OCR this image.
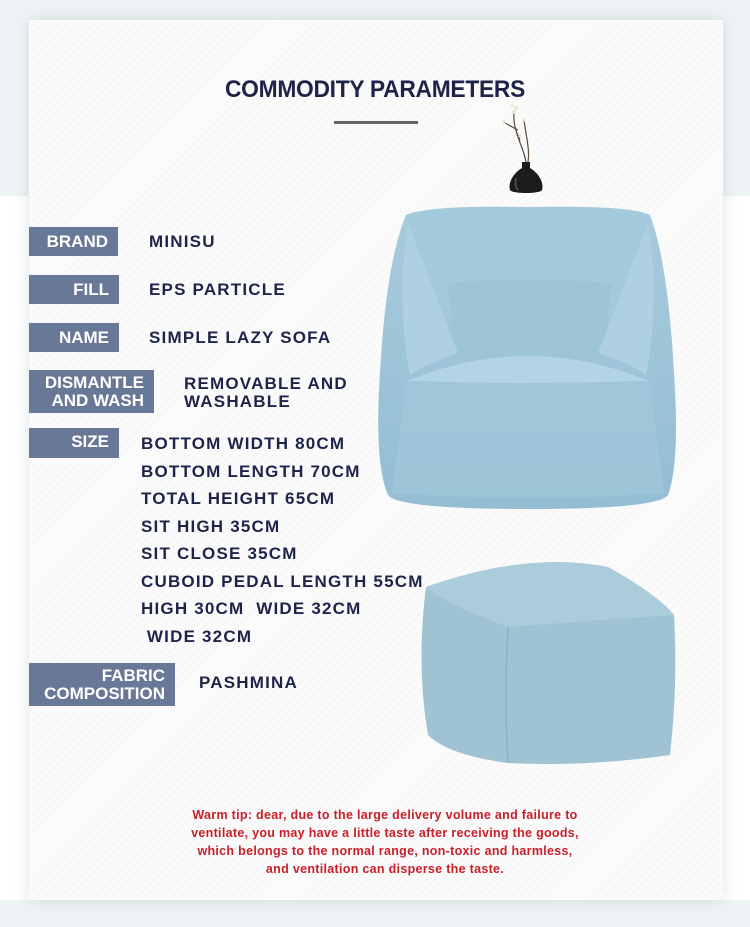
COMMODITY PARAMETERS
BRAND MINISU
FILL EPS PARTICLE
NAME SIMPLE LAZY SOFA
DISMANTLE
AND WASH
REMOVABLE AND
WASHABLE
SIZE BOTTOM WIDTH 80CM
BOTTOM LENGTH 70CM
TOTAL HEIGHT 65CM
SIT HIGH 35CM
SIT CLOSE 35CM
CUBOID PEDAL LENGTH 55CM
HIGH 30CM  WIDE 32CM
WIDE 32CM
FABRIC
COMPOSITION
PASHMINA
Warm tip: dear, due to the large delivery volume and failure to
ventilate, you may have a little taste after receiving the goods,
which belongs to the normal range, non-toxic and harmless,
and ventilation can disperse the taste.
